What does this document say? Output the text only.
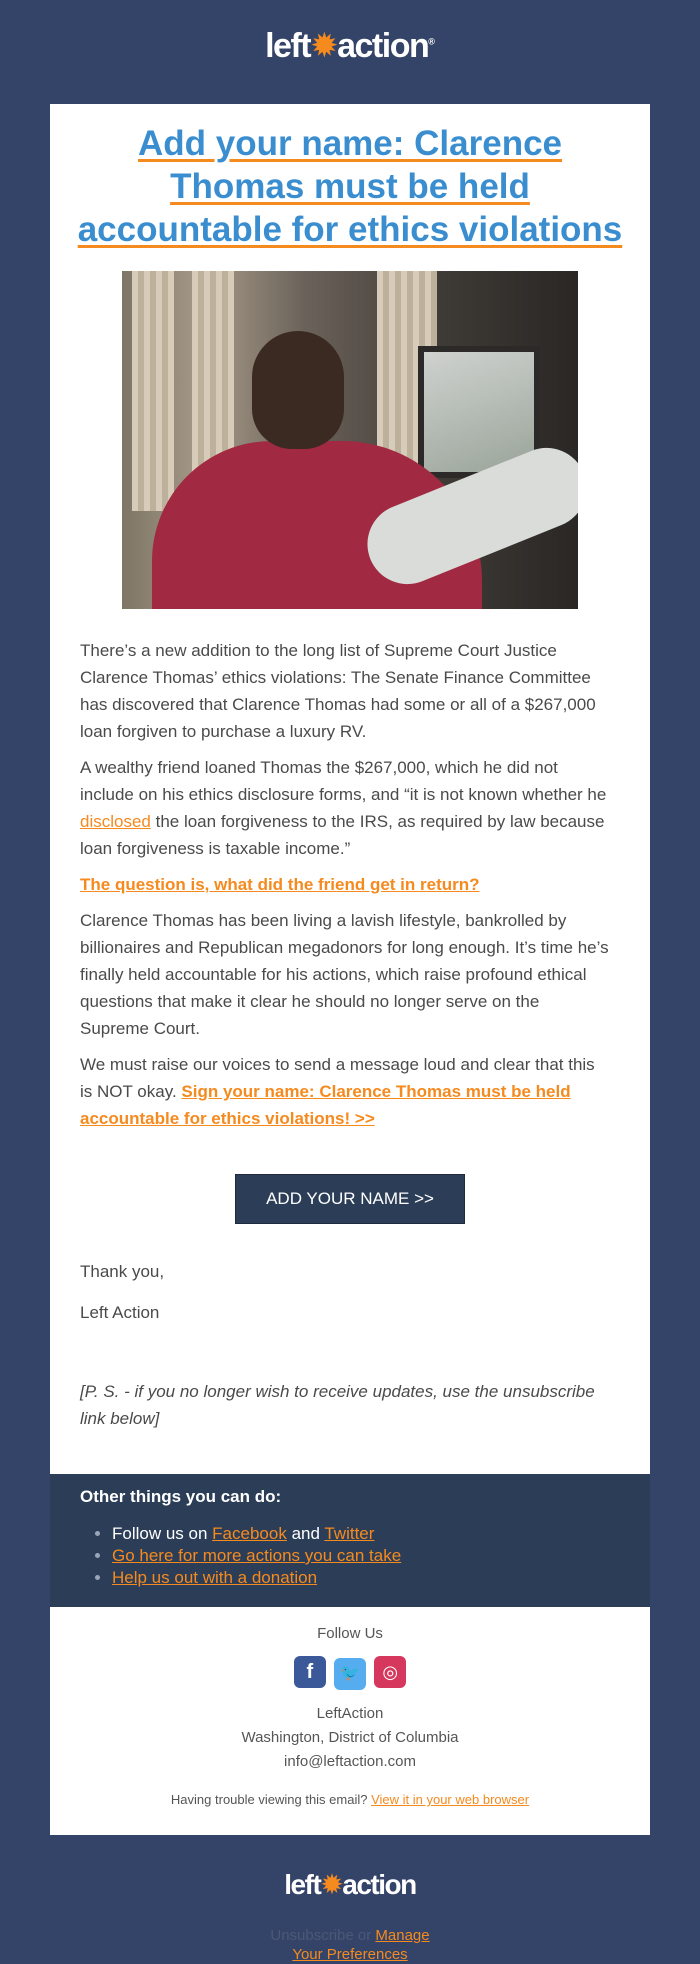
left✹action®
Add your name: Clarence Thomas must be held accountable for ethics violations

There’s a new addition to the long list of Supreme Court Justice Clarence Thomas’ ethics violations: The Senate Finance Committee has discovered that Clarence Thomas had some or all of a $267,000 loan forgiven to purchase a luxury RV.

A wealthy friend loaned Thomas the $267,000, which he did not include on his ethics disclosure forms, and “it is not known whether he disclosed the loan forgiveness to the IRS, as required by law because loan forgiveness is taxable income.”

The question is, what did the friend get in return?

Clarence Thomas has been living a lavish lifestyle, bankrolled by billionaires and Republican megadonors for long enough. It’s time he’s finally held accountable for his actions, which raise profound ethical questions that make it clear he should no longer serve on the Supreme Court.

We must raise our voices to send a message loud and clear that this is NOT okay. Sign your name: Clarence Thomas must be held accountable for ethics violations! >>

ADD YOUR NAME >>

Thank you,

Left Action

[P. S. - if you no longer wish to receive updates, use the unsubscribe link below]
Other things you can do:
• Follow us on Facebook and Twitter
• Go here for more actions you can take
• Help us out with a donation
Follow Us
f 🐦 ◎
LeftAction
Washington, District of Columbia
info@leftaction.com
Having trouble viewing this email? View it in your web browser
left✹action
Unsubscribe or Manage
Your Preferences
